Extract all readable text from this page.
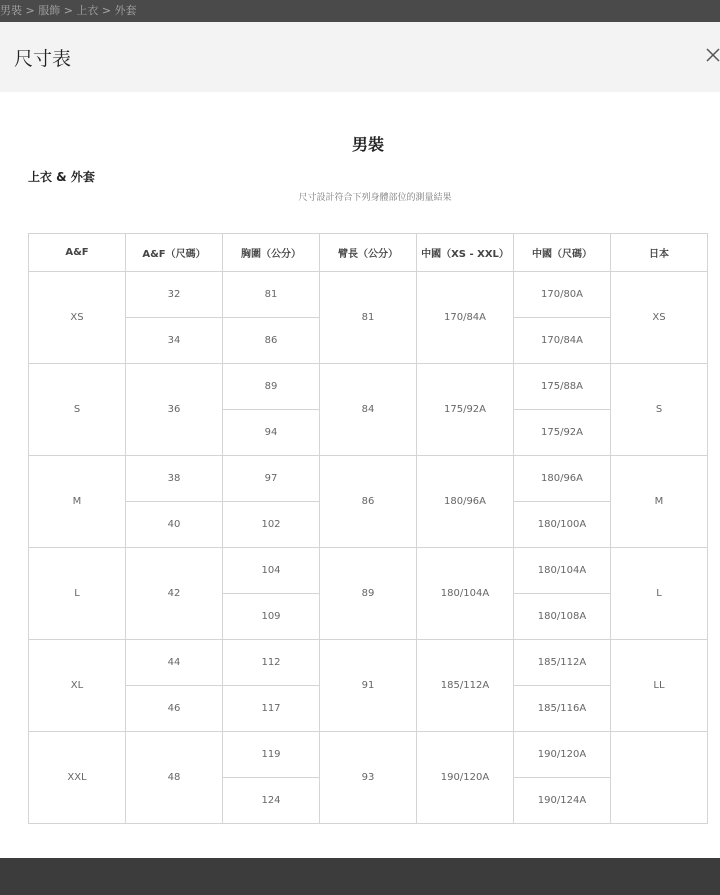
男裝 > 服飾 > 上衣 > 外套
尺寸表
男裝
上衣 & 外套
尺寸設計符合下列身體部位的測量結果
A&F	A&F（尺碼）	胸圍（公分）	臂長（公分）	中國（XS - XXL）	中國（尺碼）	日本
XS	32	81	81	170/84A	170/80A	XS
	34	86			170/84A	
S	36	89	84	175/92A	175/88A	S
		94			175/92A	
M	38	97	86	180/96A	180/96A	M
	40	102			180/100A	
L	42	104	89	180/104A	180/104A	L
		109			180/108A	
XL	44	112	91	185/112A	185/112A	LL
	46	117			185/116A	
XXL	48	119	93	190/120A	190/120A	
		124			190/124A	
